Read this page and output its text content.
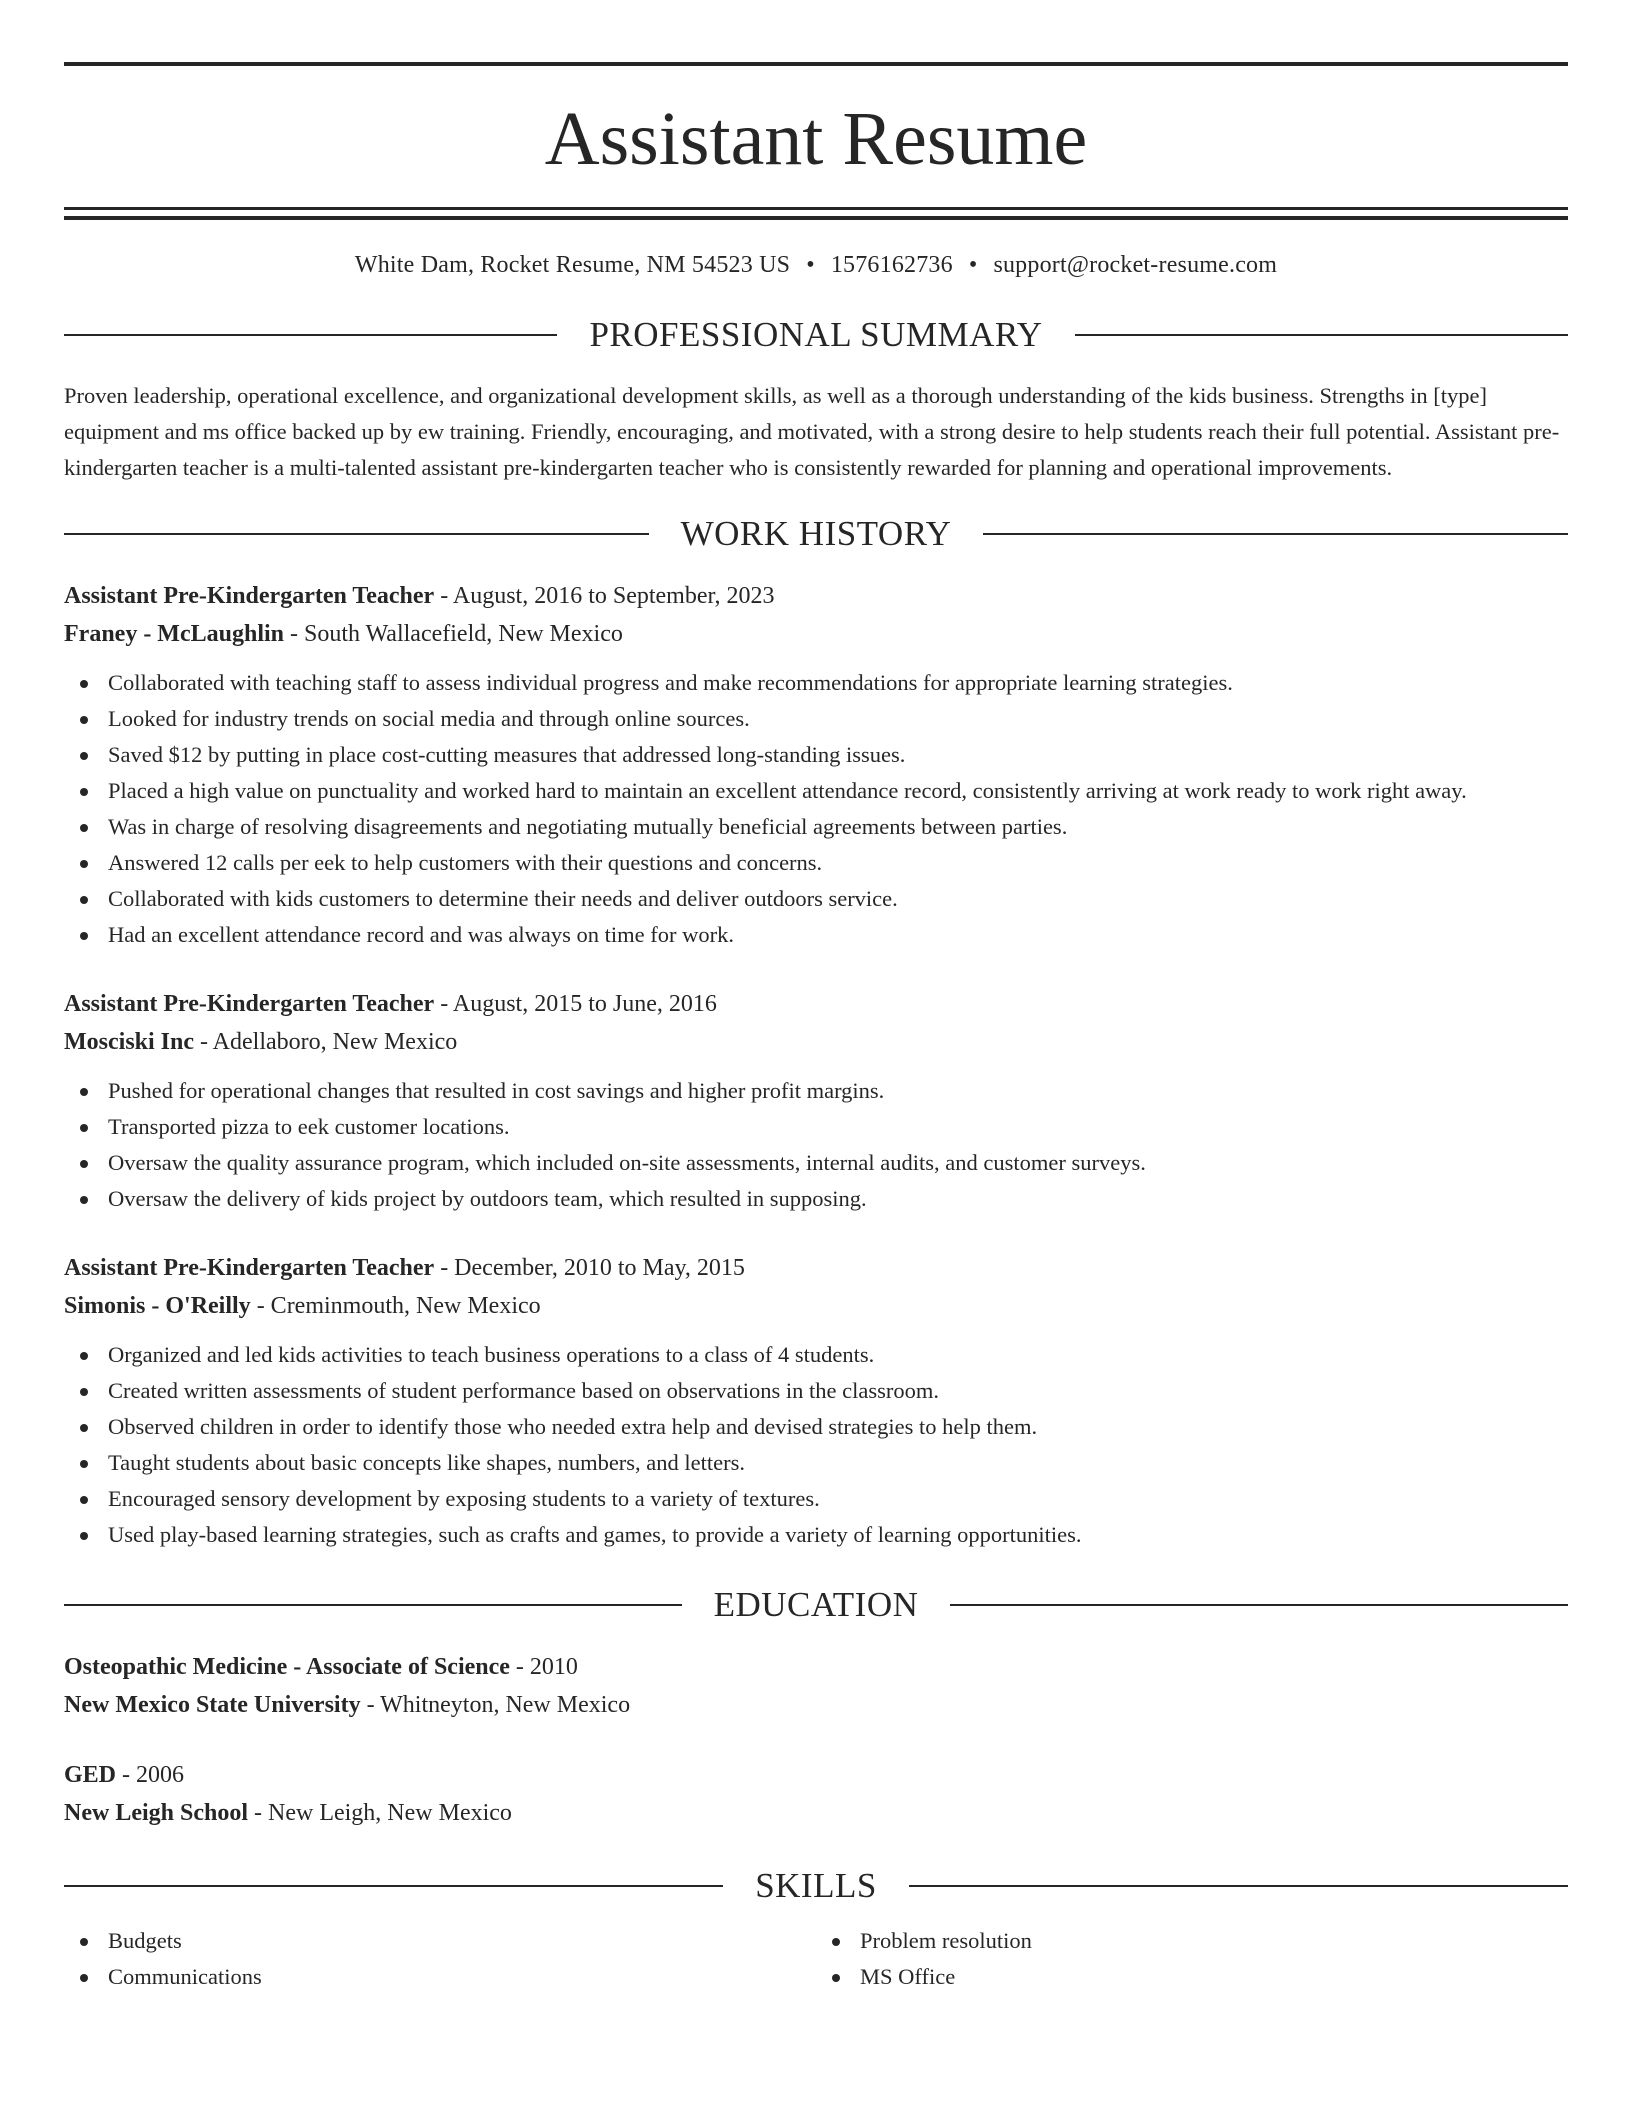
Assistant Resume
White Dam, Rocket Resume, NM 54523 US • 1576162736 • support@rocket-resume.com
PROFESSIONAL SUMMARY
Proven leadership, operational excellence, and organizational development skills, as well as a thorough understanding of the kids business. Strengths in [type] equipment and ms office backed up by ew training. Friendly, encouraging, and motivated, with a strong desire to help students reach their full potential. Assistant pre-kindergarten teacher is a multi-talented assistant pre-kindergarten teacher who is consistently rewarded for planning and operational improvements.
WORK HISTORY
Assistant Pre-Kindergarten Teacher - August, 2016 to September, 2023
Franey - McLaughlin - South Wallacefield, New Mexico
Collaborated with teaching staff to assess individual progress and make recommendations for appropriate learning strategies.
Looked for industry trends on social media and through online sources.
Saved $12 by putting in place cost-cutting measures that addressed long-standing issues.
Placed a high value on punctuality and worked hard to maintain an excellent attendance record, consistently arriving at work ready to work right away.
Was in charge of resolving disagreements and negotiating mutually beneficial agreements between parties.
Answered 12 calls per eek to help customers with their questions and concerns.
Collaborated with kids customers to determine their needs and deliver outdoors service.
Had an excellent attendance record and was always on time for work.
Assistant Pre-Kindergarten Teacher - August, 2015 to June, 2016
Mosciski Inc - Adellaboro, New Mexico
Pushed for operational changes that resulted in cost savings and higher profit margins.
Transported pizza to eek customer locations.
Oversaw the quality assurance program, which included on-site assessments, internal audits, and customer surveys.
Oversaw the delivery of kids project by outdoors team, which resulted in supposing.
Assistant Pre-Kindergarten Teacher - December, 2010 to May, 2015
Simonis - O'Reilly - Creminmouth, New Mexico
Organized and led kids activities to teach business operations to a class of 4 students.
Created written assessments of student performance based on observations in the classroom.
Observed children in order to identify those who needed extra help and devised strategies to help them.
Taught students about basic concepts like shapes, numbers, and letters.
Encouraged sensory development by exposing students to a variety of textures.
Used play-based learning strategies, such as crafts and games, to provide a variety of learning opportunities.
EDUCATION
Osteopathic Medicine - Associate of Science - 2010
New Mexico State University - Whitneyton, New Mexico
GED - 2006
New Leigh School - New Leigh, New Mexico
SKILLS
Budgets
Communications
Problem resolution
MS Office
